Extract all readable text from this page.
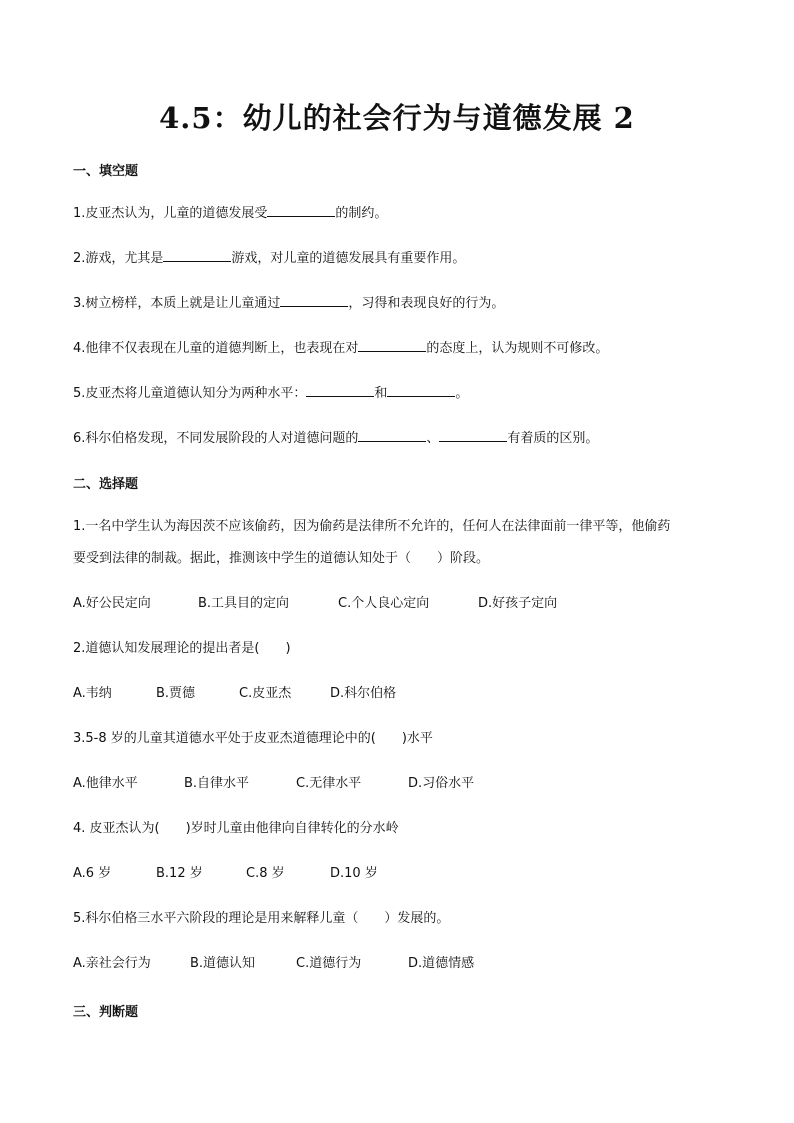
4.5：幼儿的社会行为与道德发展 2

一、填空题

1.皮亚杰认为，儿童的道德发展受	的制约。

2.游戏，尤其是	游戏，对儿童的道德发展具有重要作用。

3.树立榜样，本质上就是让儿童通过	，习得和表现良好的行为。

4.他律不仅表现在儿童的道德判断上，也表现在对	的态度上，认为规则不可修改。

5.皮亚杰将儿童道德认知分为两种水平：	和	。

6.科尔伯格发现，不同发展阶段的人对道德问题的	、	有着质的区别。

二、选择题

1.一名中学生认为海因茨不应该偷药，因为偷药是法律所不允许的，任何人在法律面前一律平等，他偷药

要受到法律的制裁。据此，推测该中学生的道德认知处于（　　）阶段。

A.好公民定向	B.工具目的定向	C.个人良心定向	D.好孩子定向

2.道德认知发展理论的提出者是(　　)

A.韦纳	B.贾德	C.皮亚杰	D.科尔伯格

3.5-8 岁的儿童其道德水平处于皮亚杰道德理论中的(　　)水平

A.他律水平	B.自律水平	C.无律水平	D.习俗水平

4. 皮亚杰认为(　　)岁时儿童由他律向自律转化的分水岭

A.6 岁	B.12 岁	C.8 岁	D.10 岁

5.科尔伯格三水平六阶段的理论是用来解释儿童（　　）发展的。

A.亲社会行为	B.道德认知	C.道德行为	D.道德情感

三、判断题
